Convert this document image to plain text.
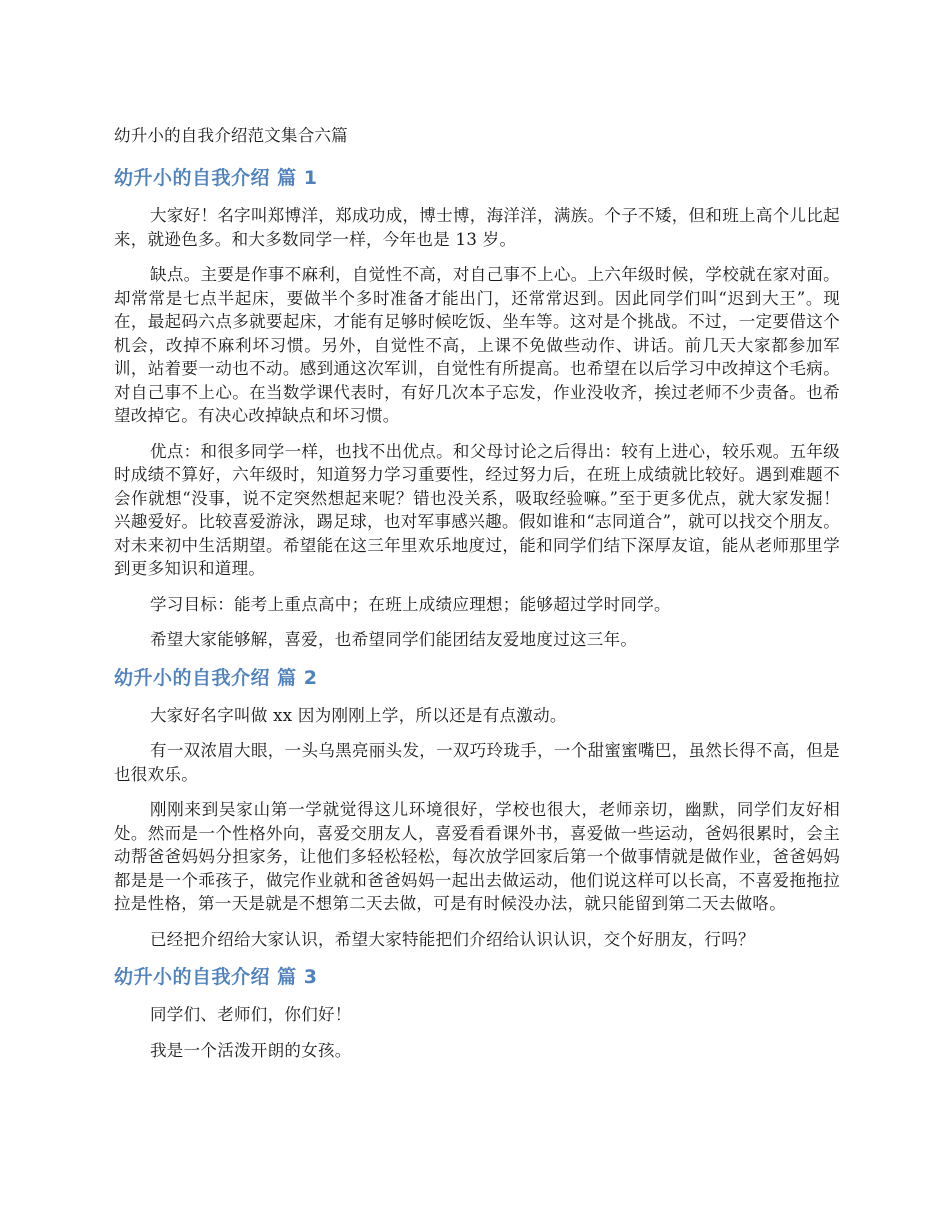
幼升小的自我介绍范文集合六篇
幼升小的自我介绍 篇 1

大家好！名字叫郑博洋，郑成功成，博士博，海洋洋，满族。个子不矮，但和班上高个儿比起来，就逊色多。和大多数同学一样，今年也是 13 岁。

缺点。主要是作事不麻利，自觉性不高，对自己事不上心。上六年级时候，学校就在家对面。却常常是七点半起床，要做半个多时准备才能出门，还常常迟到。因此同学们叫“迟到大王”。现在，最起码六点多就要起床，才能有足够时候吃饭、坐车等。这对是个挑战。不过，一定要借这个机会，改掉不麻利坏习惯。另外，自觉性不高，上课不免做些动作、讲话。前几天大家都参加军训，站着要一动也不动。感到通这次军训，自觉性有所提高。也希望在以后学习中改掉这个毛病。对自己事不上心。在当数学课代表时，有好几次本子忘发，作业没收齐，挨过老师不少责备。也希望改掉它。有决心改掉缺点和坏习惯。

优点：和很多同学一样，也找不出优点。和父母讨论之后得出：较有上进心，较乐观。五年级时成绩不算好，六年级时，知道努力学习重要性，经过努力后，在班上成绩就比较好。遇到难题不会作就想“没事，说不定突然想起来呢？错也没关系，吸取经验嘛。”至于更多优点，就大家发掘！兴趣爱好。比较喜爱游泳，踢足球，也对军事感兴趣。假如谁和“志同道合”，就可以找交个朋友。对未来初中生活期望。希望能在这三年里欢乐地度过，能和同学们结下深厚友谊，能从老师那里学到更多知识和道理。

学习目标：能考上重点高中；在班上成绩应理想；能够超过学时同学。

希望大家能够解，喜爱，也希望同学们能团结友爱地度过这三年。

幼升小的自我介绍 篇 2

大家好名字叫做 xx 因为刚刚上学，所以还是有点激动。

有一双浓眉大眼，一头乌黑亮丽头发，一双巧玲珑手，一个甜蜜蜜嘴巴，虽然长得不高，但是也很欢乐。

刚刚来到吴家山第一学就觉得这儿环境很好，学校也很大，老师亲切，幽默，同学们友好相处。然而是一个性格外向，喜爱交朋友人，喜爱看看课外书，喜爱做一些运动，爸妈很累时，会主动帮爸爸妈妈分担家务，让他们多轻松轻松，每次放学回家后第一个做事情就是做作业，爸爸妈妈都是是一个乖孩子，做完作业就和爸爸妈妈一起出去做运动，他们说这样可以长高，不喜爱拖拖拉拉是性格，第一天是就是不想第二天去做，可是有时候没办法，就只能留到第二天去做咯。

已经把介绍给大家认识，希望大家特能把们介绍给认识认识，交个好朋友，行吗？

幼升小的自我介绍 篇 3

同学们、老师们，你们好！

我是一个活泼开朗的女孩。
